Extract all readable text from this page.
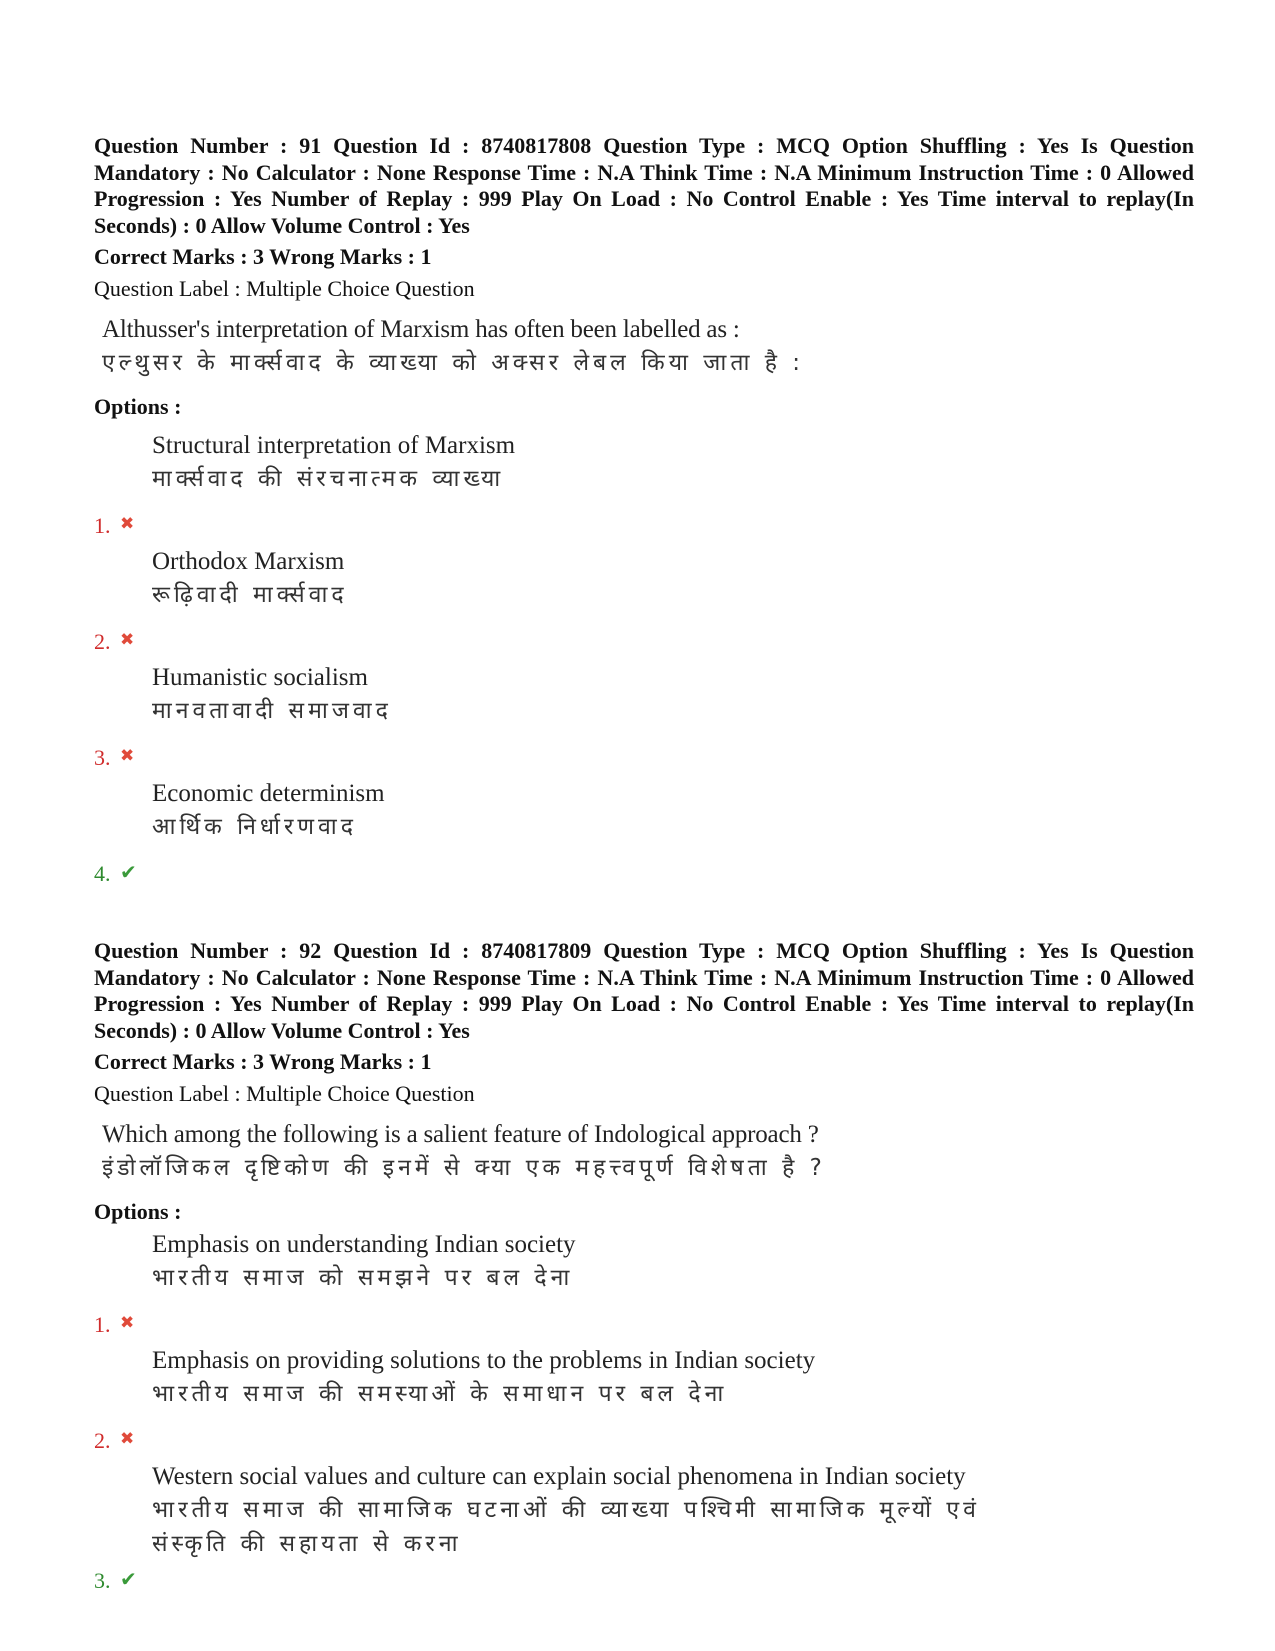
Question Number : 91 Question Id : 8740817808 Question Type : MCQ Option Shuffling : Yes Is Question Mandatory : No Calculator : None Response Time : N.A Think Time : N.A Minimum Instruction Time : 0 Allowed Progression : Yes Number of Replay : 999 Play On Load : No Control Enable : Yes Time interval to replay(In Seconds) : 0 Allow Volume Control : Yes

Correct Marks : 3 Wrong Marks : 1
Question Label : Multiple Choice Question
Althusser's interpretation of Marxism has often been labelled as :
एल्थुसर के मार्क्सवाद के व्याख्या को अक्सर लेबल किया जाता है :
Options :
1. ✖
Structural interpretation of Marxism
मार्क्सवाद की संरचनात्मक व्याख्या
2. ✖
Orthodox Marxism
रूढ़िवादी मार्क्सवाद
3. ✖
Humanistic socialism
मानवतावादी समाजवाद
4. ✔
Economic determinism
आर्थिक निर्धारणवाद

Question Number : 92 Question Id : 8740817809 Question Type : MCQ Option Shuffling : Yes Is Question Mandatory : No Calculator : None Response Time : N.A Think Time : N.A Minimum Instruction Time : 0 Allowed Progression : Yes Number of Replay : 999 Play On Load : No Control Enable : Yes Time interval to replay(In Seconds) : 0 Allow Volume Control : Yes

Correct Marks : 3 Wrong Marks : 1
Question Label : Multiple Choice Question
Which among the following is a salient feature of Indological approach ?
इंडोलॉजिकल दृष्टिकोण की इनमें से क्या एक महत्त्वपूर्ण विशेषता है ?
Options :
1. ✖
Emphasis on understanding Indian society
भारतीय समाज को समझने पर बल देना
2. ✖
Emphasis on providing solutions to the problems in Indian society
भारतीय समाज की समस्याओं के समाधान पर बल देना
3. ✔
Western social values and culture can explain social phenomena in Indian society
भारतीय समाज की सामाजिक घटनाओं की व्याख्या पश्चिमी सामाजिक मूल्यों एवं संस्कृति की सहायता से करना
